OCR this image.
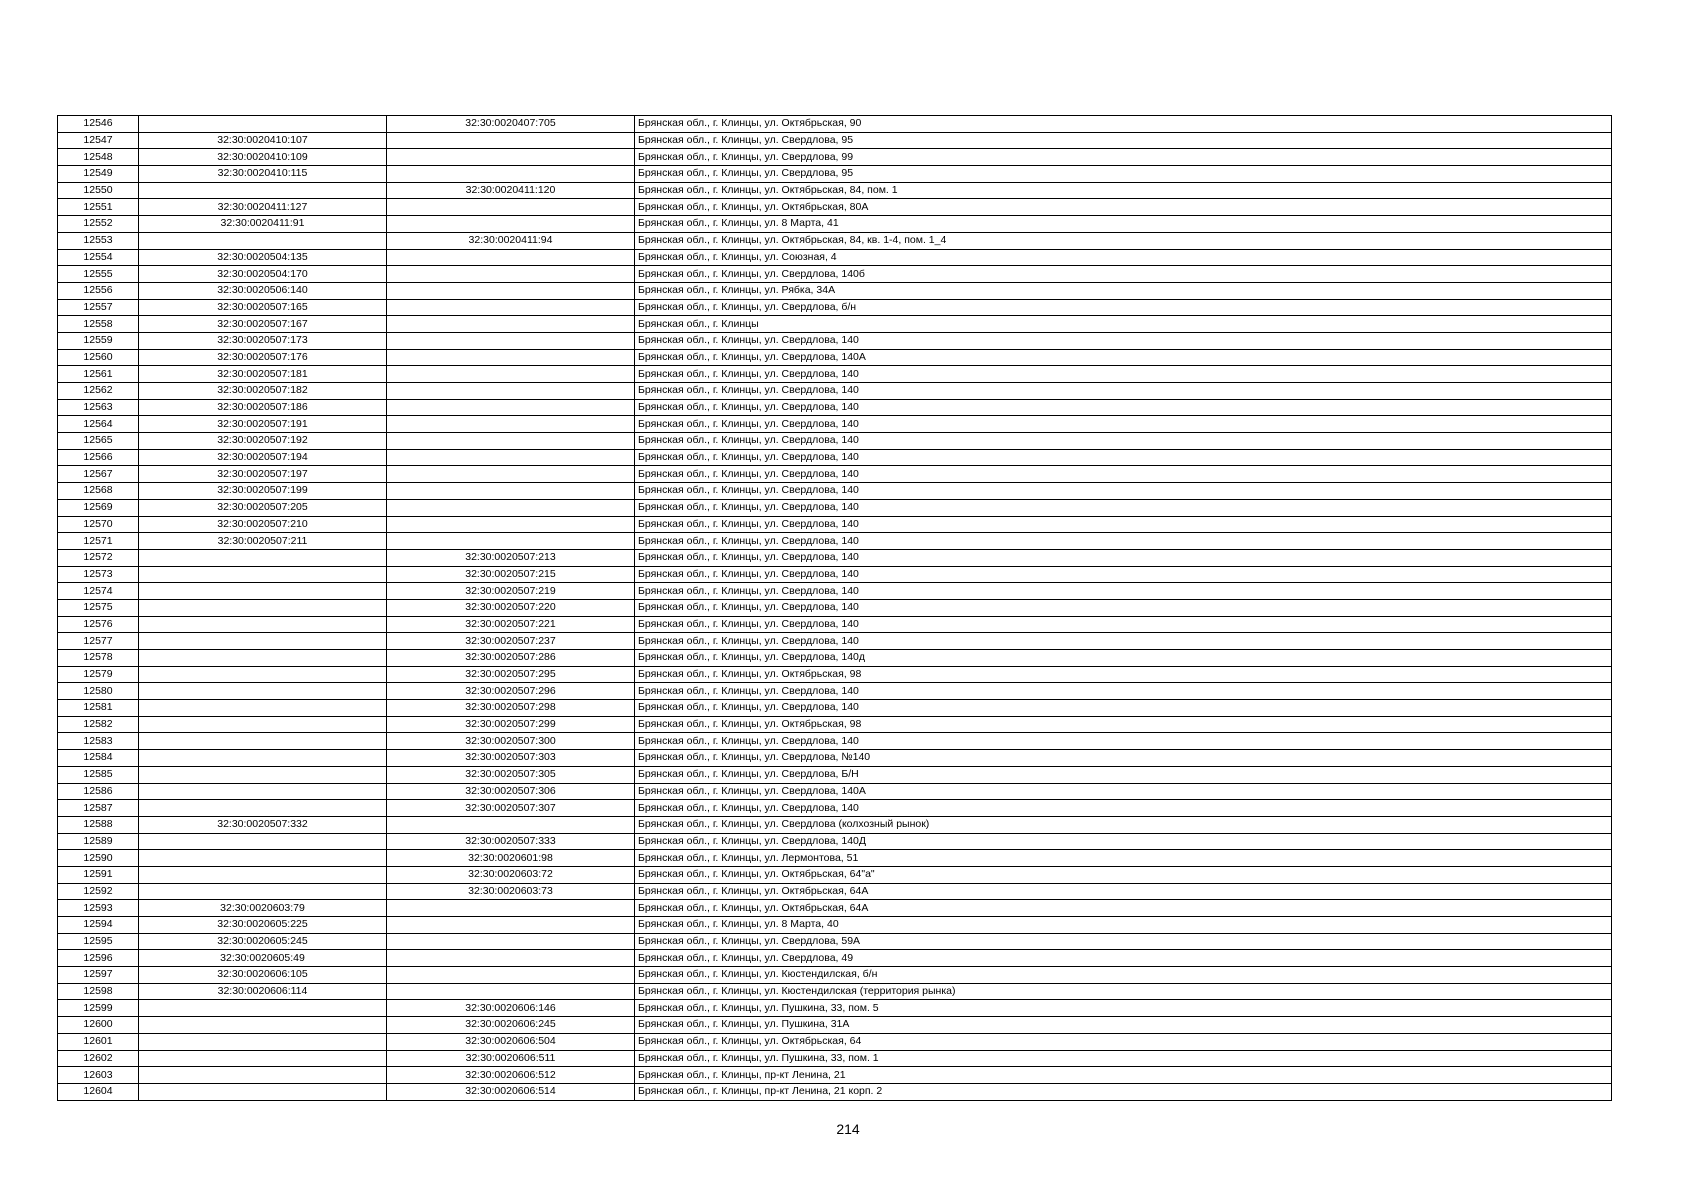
12546		32:30:0020407:705	Брянская обл., г. Клинцы, ул. Октябрьская, 90
12547	32:30:0020410:107		Брянская обл., г. Клинцы, ул. Свердлова, 95
12548	32:30:0020410:109		Брянская обл., г. Клинцы, ул. Свердлова, 99
12549	32:30:0020410:115		Брянская обл., г. Клинцы, ул. Свердлова, 95
12550		32:30:0020411:120	Брянская обл., г. Клинцы, ул. Октябрьская, 84, пом. 1
12551	32:30:0020411:127		Брянская обл., г. Клинцы, ул. Октябрьская, 80А
12552	32:30:0020411:91		Брянская обл., г. Клинцы, ул. 8 Марта, 41
12553		32:30:0020411:94	Брянская обл., г. Клинцы, ул. Октябрьская, 84, кв. 1-4, пом. 1_4
12554	32:30:0020504:135		Брянская обл., г. Клинцы, ул. Союзная, 4
12555	32:30:0020504:170		Брянская обл., г. Клинцы, ул. Свердлова, 140б
12556	32:30:0020506:140		Брянская обл., г. Клинцы, ул. Рябка, 34А
12557	32:30:0020507:165		Брянская обл., г. Клинцы, ул. Свердлова, б/н
12558	32:30:0020507:167		Брянская обл., г. Клинцы
12559	32:30:0020507:173		Брянская обл., г. Клинцы, ул. Свердлова, 140
12560	32:30:0020507:176		Брянская обл., г. Клинцы, ул. Свердлова, 140А
12561	32:30:0020507:181		Брянская обл., г. Клинцы, ул. Свердлова, 140
12562	32:30:0020507:182		Брянская обл., г. Клинцы, ул. Свердлова, 140
12563	32:30:0020507:186		Брянская обл., г. Клинцы, ул. Свердлова, 140
12564	32:30:0020507:191		Брянская обл., г. Клинцы, ул. Свердлова, 140
12565	32:30:0020507:192		Брянская обл., г. Клинцы, ул. Свердлова, 140
12566	32:30:0020507:194		Брянская обл., г. Клинцы, ул. Свердлова, 140
12567	32:30:0020507:197		Брянская обл., г. Клинцы, ул. Свердлова, 140
12568	32:30:0020507:199		Брянская обл., г. Клинцы, ул. Свердлова, 140
12569	32:30:0020507:205		Брянская обл., г. Клинцы, ул. Свердлова, 140
12570	32:30:0020507:210		Брянская обл., г. Клинцы, ул. Свердлова, 140
12571	32:30:0020507:211		Брянская обл., г. Клинцы, ул. Свердлова, 140
12572		32:30:0020507:213	Брянская обл., г. Клинцы, ул. Свердлова, 140
12573		32:30:0020507:215	Брянская обл., г. Клинцы, ул. Свердлова, 140
12574		32:30:0020507:219	Брянская обл., г. Клинцы, ул. Свердлова, 140
12575		32:30:0020507:220	Брянская обл., г. Клинцы, ул. Свердлова, 140
12576		32:30:0020507:221	Брянская обл., г. Клинцы, ул. Свердлова, 140
12577		32:30:0020507:237	Брянская обл., г. Клинцы, ул. Свердлова, 140
12578		32:30:0020507:286	Брянская обл., г. Клинцы, ул. Свердлова, 140д
12579		32:30:0020507:295	Брянская обл., г. Клинцы, ул. Октябрьская, 98
12580		32:30:0020507:296	Брянская обл., г. Клинцы, ул. Свердлова, 140
12581		32:30:0020507:298	Брянская обл., г. Клинцы, ул. Свердлова, 140
12582		32:30:0020507:299	Брянская обл., г. Клинцы, ул. Октябрьская, 98
12583		32:30:0020507:300	Брянская обл., г. Клинцы, ул. Свердлова, 140
12584		32:30:0020507:303	Брянская обл., г. Клинцы, ул. Свердлова, №140
12585		32:30:0020507:305	Брянская обл., г. Клинцы, ул. Свердлова, Б/Н
12586		32:30:0020507:306	Брянская обл., г. Клинцы, ул. Свердлова, 140А
12587		32:30:0020507:307	Брянская обл., г. Клинцы, ул. Свердлова, 140
12588	32:30:0020507:332		Брянская обл., г. Клинцы, ул. Свердлова (колхозный рынок)
12589		32:30:0020507:333	Брянская обл., г. Клинцы, ул. Свердлова, 140Д
12590		32:30:0020601:98	Брянская обл., г. Клинцы, ул. Лермонтова, 51
12591		32:30:0020603:72	Брянская обл., г. Клинцы, ул. Октябрьская, 64"а"
12592		32:30:0020603:73	Брянская обл., г. Клинцы, ул. Октябрьская, 64А
12593	32:30:0020603:79		Брянская обл., г. Клинцы, ул. Октябрьская, 64А
12594	32:30:0020605:225		Брянская обл., г. Клинцы, ул. 8 Марта, 40
12595	32:30:0020605:245		Брянская обл., г. Клинцы, ул. Свердлова, 59А
12596	32:30:0020605:49		Брянская обл., г. Клинцы, ул. Свердлова, 49
12597	32:30:0020606:105		Брянская обл., г. Клинцы, ул. Кюстендилская, б/н
12598	32:30:0020606:114		Брянская обл., г. Клинцы, ул. Кюстендилская (территория рынка)
12599		32:30:0020606:146	Брянская обл., г. Клинцы, ул. Пушкина, 33, пом. 5
12600		32:30:0020606:245	Брянская обл., г. Клинцы, ул. Пушкина, 31А
12601		32:30:0020606:504	Брянская обл., г. Клинцы, ул. Октябрьская, 64
12602		32:30:0020606:511	Брянская обл., г. Клинцы, ул. Пушкина, 33, пом. 1
12603		32:30:0020606:512	Брянская обл., г. Клинцы, пр-кт Ленина, 21
12604		32:30:0020606:514	Брянская обл., г. Клинцы, пр-кт Ленина, 21 корп. 2
214
